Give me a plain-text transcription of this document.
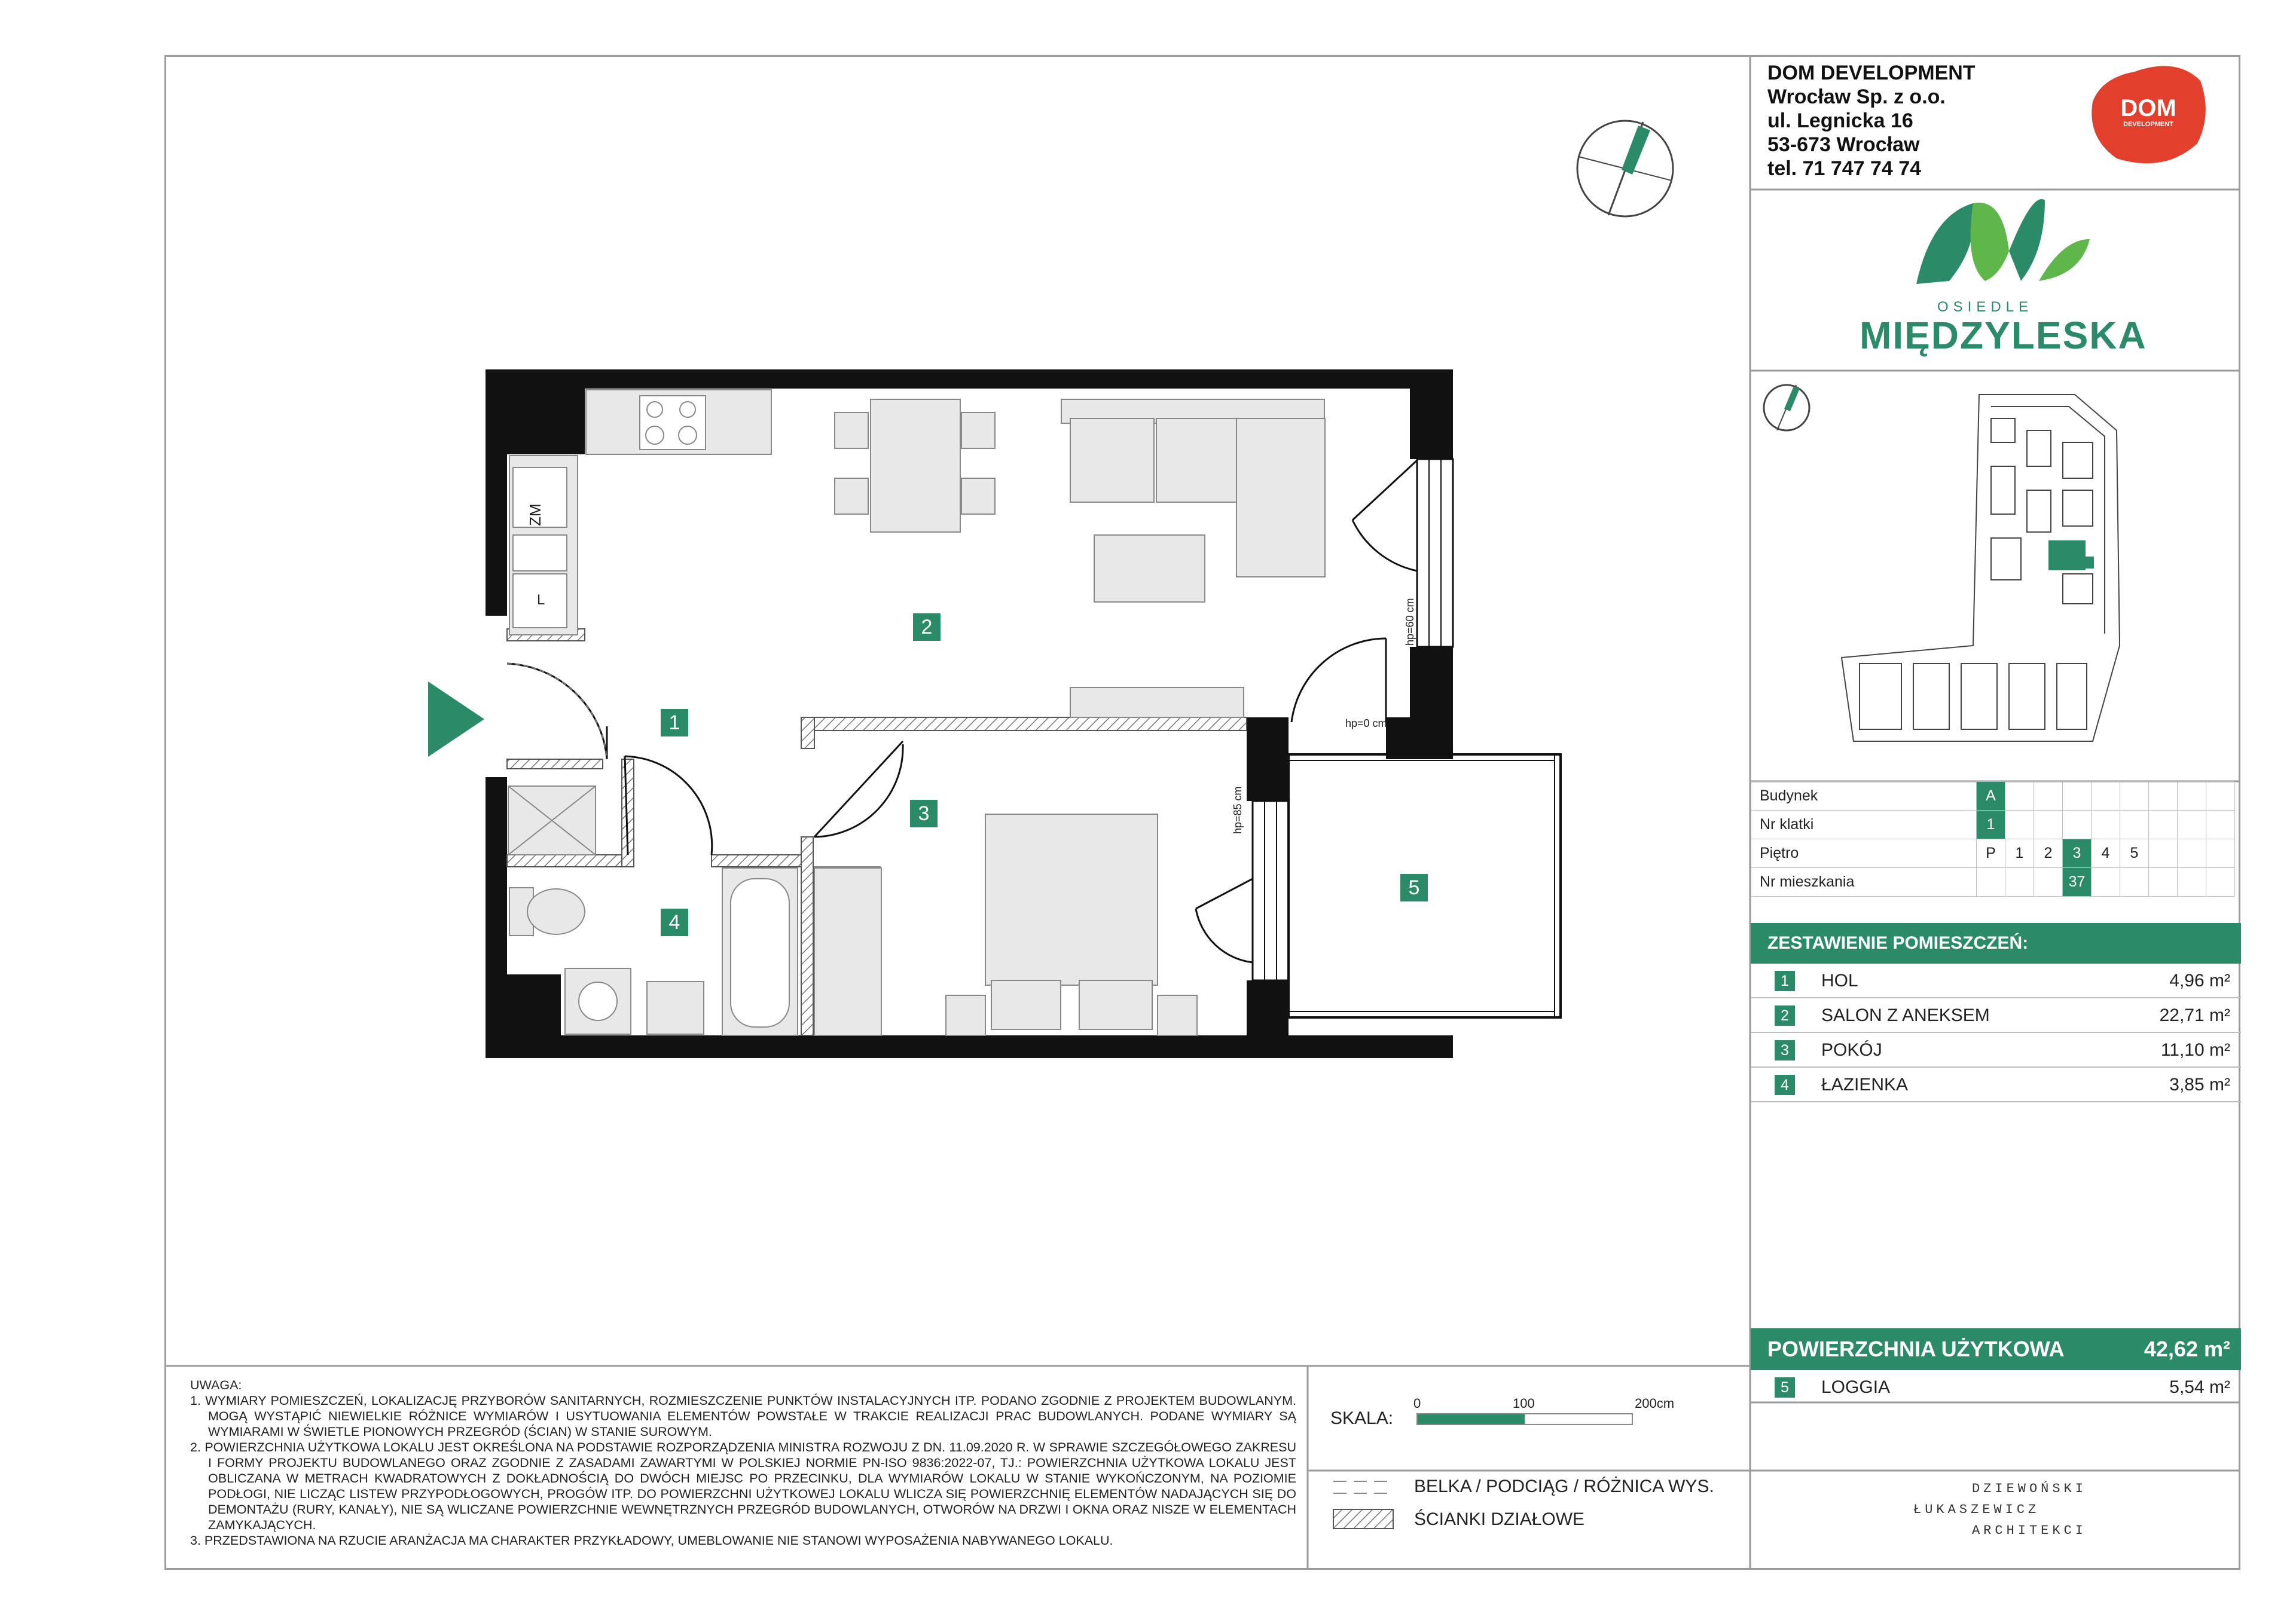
DOM DEVELOPMENT
Wrocław Sp. z o.o.
ul. Legnicka 16
53-673 Wrocław
tel. 71 747 74 74
DOM
DEVELOPMENT
OSIEDLE
MIĘDZYLESKA
Budynek	A								
Nr klatki	1								
Piętro	P	1	2	3	4	5			
Nr mieszkania				37					
ZESTAWIENIE POMIESZCZEŃ:
1	HOL	4,96 m²
2	SALON Z ANEKSEM	22,71 m²
3	POKÓJ	11,10 m²
4	ŁAZIENKA	3,85 m²
POWIERZCHNIA UŻYTKOWA	42,62 m²
5	LOGGIA	5,54 m²
1
2
3
4
5
ZM
L	hp=60 cm
hp=0 cm
hp=85 cm
SKALA:
0	100	200cm
BELKA / PODCIĄG / RÓŻNICA WYS.
ŚCIANKI DZIAŁOWE
DZIEWOŃSKI
ŁUKASZEWICZ
ARCHITEKCI

UWAGA:

1. WYMIARY POMIESZCZEŃ, LOKALIZACJĘ PRZYBORÓW SANITARNYCH, ROZMIESZCZENIE PUNKTÓW INSTALACYJNYCH ITP. PODANO ZGODNIE Z PROJEKTEM BUDOWLANYM. MOGĄ WYSTĄPIĆ NIEWIELKIE RÓŻNICE WYMIARÓW I USYTUOWANIA ELEMENTÓW POWSTAŁE W TRAKCIE REALIZACJI PRAC BUDOWLANYCH. PODANE WYMIARY SĄ WYMIARAMI W ŚWIETLE PIONOWYCH PRZEGRÓD (ŚCIAN) W STANIE SUROWYM.

2. POWIERZCHNIA UŻYTKOWA LOKALU JEST OKREŚLONA NA PODSTAWIE ROZPORZĄDZENIA MINISTRA ROZWOJU Z DN. 11.09.2020 R. W SPRAWIE SZCZEGÓŁOWEGO ZAKRESU I FORMY PROJEKTU BUDOWLANEGO ORAZ ZGODNIE Z ZASADAMI ZAWARTYMI W POLSKIEJ NORMIE PN-ISO 9836:2022-07, TJ.: POWIERZCHNIA UŻYTKOWA LOKALU JEST OBLICZANA W METRACH KWADRATOWYCH Z DOKŁADNOŚCIĄ DO DWÓCH MIEJSC PO PRZECINKU, DLA WYMIARÓW LOKALU W STANIE WYKOŃCZONYM, NA POZIOMIE PODŁOGI, NIE LICZĄC LISTEW PRZYPODŁOGOWYCH, PROGÓW ITP. DO POWIERZCHNI UŻYTKOWEJ LOKALU WLICZA SIĘ POWIERZCHNIĘ ELEMENTÓW NADAJĄCYCH SIĘ DO DEMONTAŻU (RURY, KANAŁY), NIE SĄ WLICZANE POWIERZCHNIE WEWNĘTRZNYCH PRZEGRÓD BUDOWLANYCH, OTWORÓW NA DRZWI I OKNA ORAZ NISZE W ELEMENTACH ZAMYKAJĄCYCH.

3. PRZEDSTAWIONA NA RZUCIE ARANŻACJA MA CHARAKTER PRZYKŁADOWY, UMEBLOWANIE NIE STANOWI WYPOSAŻENIA NABYWANEGO LOKALU.
